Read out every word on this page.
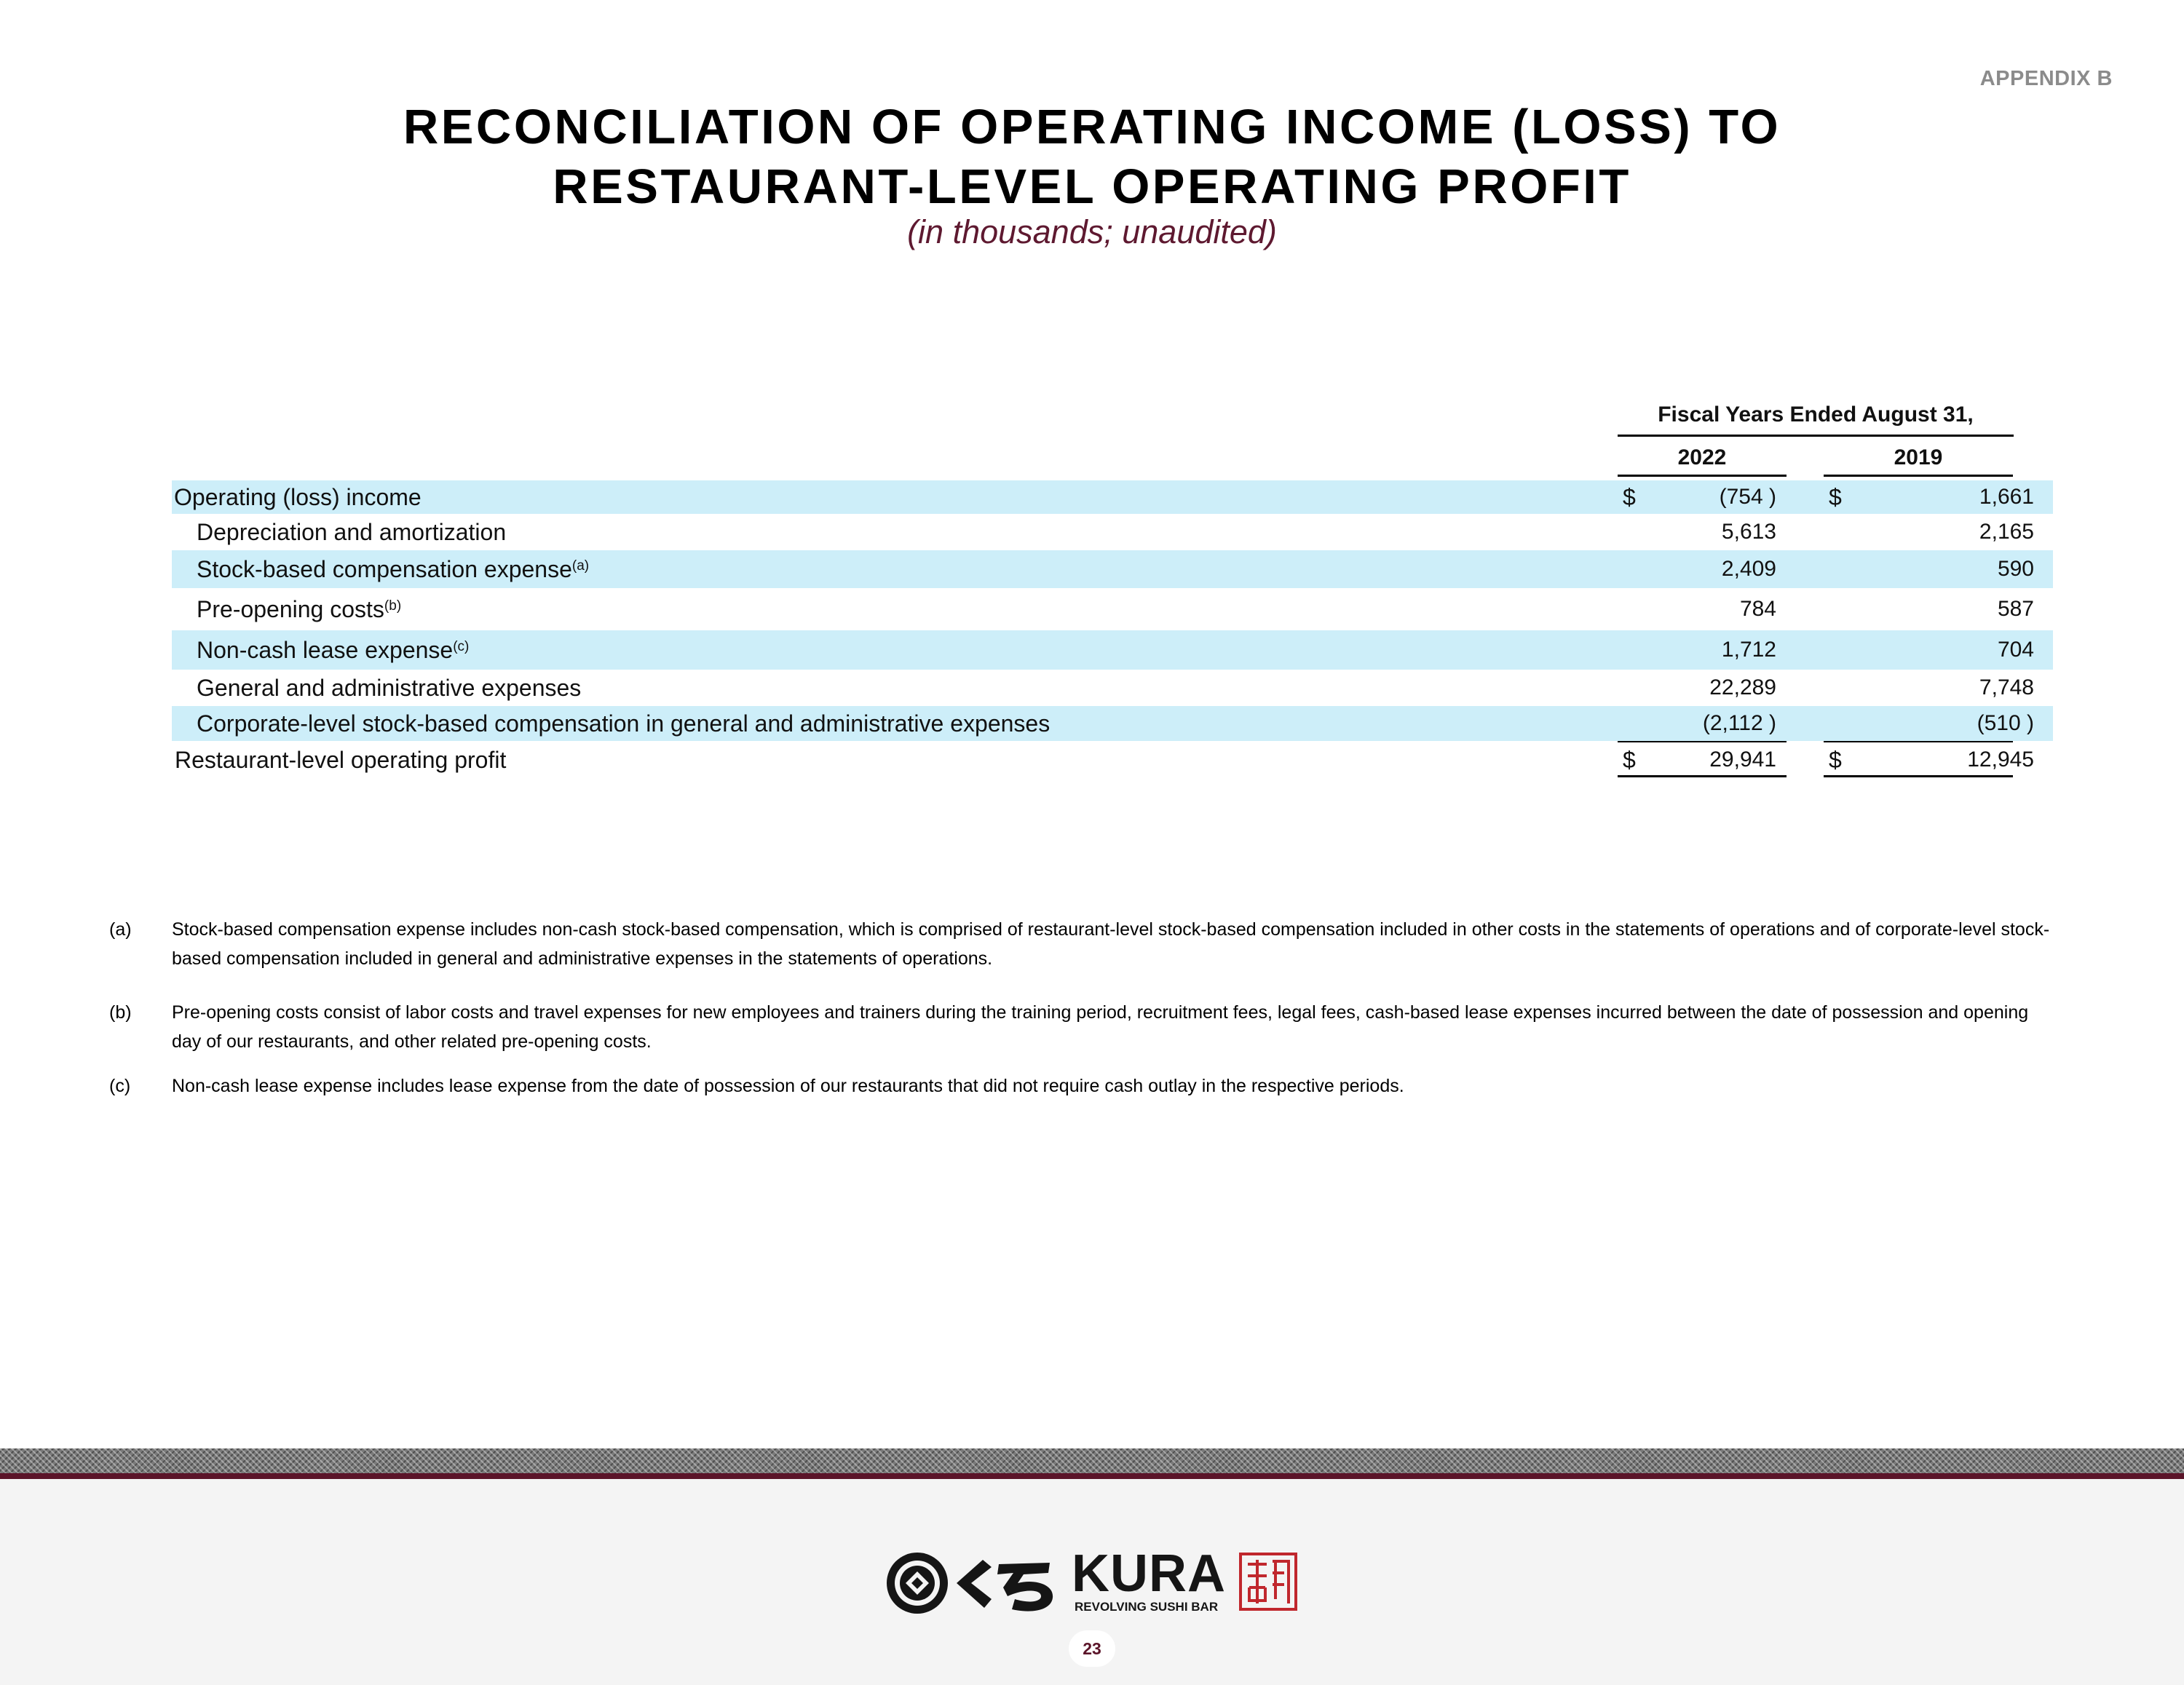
APPENDIX B
RECONCILIATION OF OPERATING INCOME (LOSS) TO
RESTAURANT-LEVEL OPERATING PROFIT
(in thousands; unaudited)
Fiscal Years Ended August 31,
2022	2019
Operating (loss) income	$	(754 ) $	1,661
Depreciation and amortization	5,613	2,165
Stock-based compensation expense$^{(a)}$	2,409	590
Pre-opening costs$^{(b)}$	784	587
Non-cash lease expense$^{(c)}$	1,712	704
General and administrative expenses	22,289	7,748
Corporate-level stock-based compensation in general and administrative expenses	(2,112 )	(510 )
Restaurant-level operating profit	$	29,941 $	12,945
(a) Stock-based compensation expense includes non-cash stock-based compensation, which is comprised of restaurant-level stock-based compensation included in other costs in the statements of operations and of corporate-level stock-based compensation included in general and administrative expenses in the statements of operations.
(b) Pre-opening costs consist of labor costs and travel expenses for new employees and trainers during the training period, recruitment fees, legal fees, cash-based lease expenses incurred between the date of possession and opening day of our restaurants, and other related pre-opening costs.
(c) Non-cash lease expense includes lease expense from the date of possession of our restaurants that did not require cash outlay in the respective periods.
KURA
REVOLVING SUSHI BAR
23
